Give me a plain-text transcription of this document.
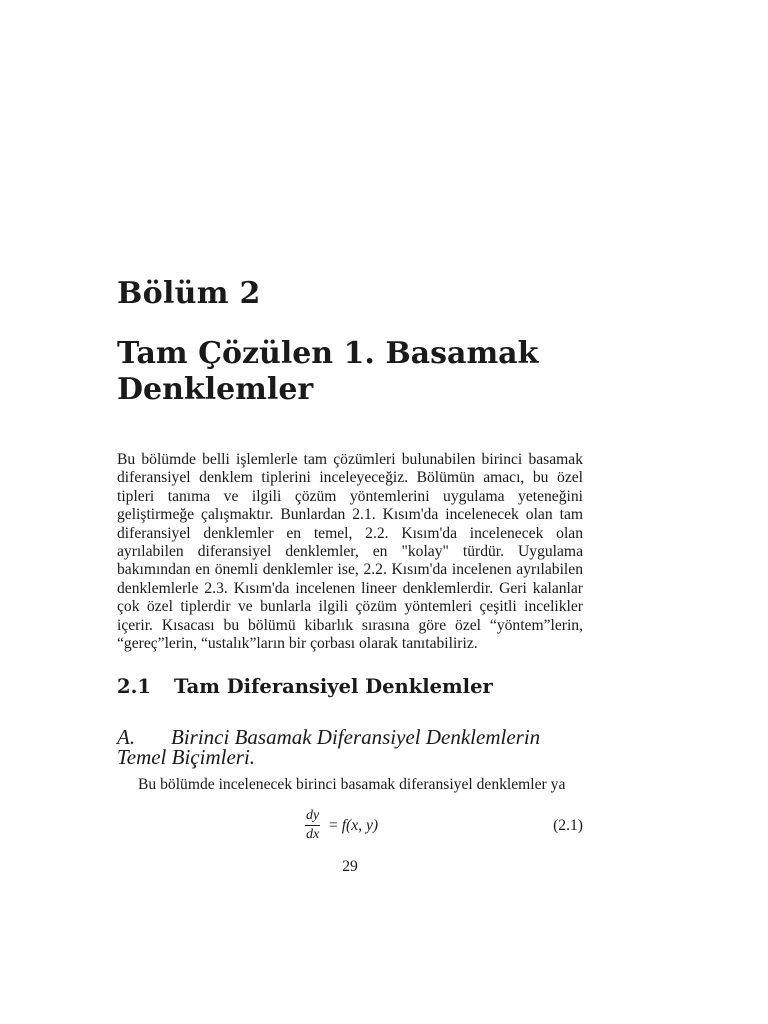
Bölüm 2
Tam Çözülen 1. Basamak Denklemler

Bu bölümde belli işlemlerle tam çözümleri bulunabilen birinci basamak diferansiyel denklem tiplerini inceleyeceğiz. Bölümün amacı, bu özel tipleri tanıma ve ilgili çözüm yöntemlerini uygulama yeteneğini geliştirmeğe çalışmaktır. Bunlardan 2.1. Kısım'da incelenecek olan tam diferansiyel denklemler en temel, 2.2. Kısım'da incelenecek olan ayrılabilen diferansiyel denklemler, en "kolay" türdür. Uygulama bakımından en önemli denklemler ise, 2.2. Kısım'da incelenen ayrılabilen denklemlerle 2.3. Kısım'da incelenen lineer denklemlerdir. Geri kalanlar çok özel tiplerdir ve bunlarla ilgili çözüm yöntemleri çeşitli incelikler içerir. Kısacası bu bölümü kibarlık sırasına göre özel “yöntem”lerin, “gereç”lerin, “ustalık”ların bir çorbası olarak tanıtabiliriz.

2.1 Tam Diferansiyel Denklemler
A. Birinci Basamak Diferansiyel Denklemlerin Temel Biçimleri.
Bu bölümde incelenecek birinci basamak diferansiyel denklemler ya
$\frac{dy}{dx} = f(x$, y)	(2.1)
29
